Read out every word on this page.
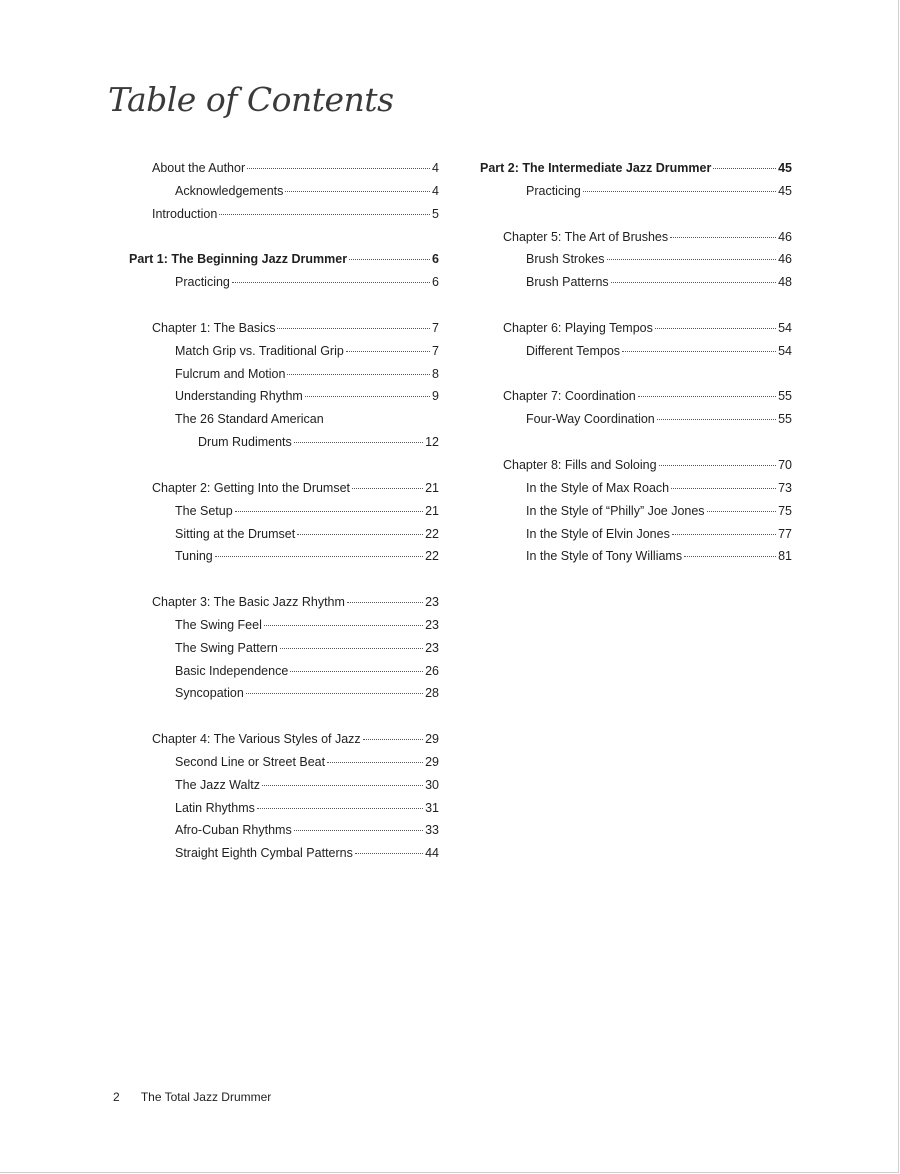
Table of Contents
About the Author	4
Acknowledgements	4
Introduction	5
Part 1: The Beginning Jazz Drummer	6
Practicing	6
Chapter 1: The Basics	7
Match Grip vs. Traditional Grip	7
Fulcrum and Motion	8
Understanding Rhythm	9
The 26 Standard American
Drum Rudiments	12
Chapter 2: Getting Into the Drumset	21
The Setup	21
Sitting at the Drumset	22
Tuning	22
Chapter 3: The Basic Jazz Rhythm	23
The Swing Feel	23
The Swing Pattern	23
Basic Independence	26
Syncopation	28
Chapter 4: The Various Styles of Jazz	29
Second Line or Street Beat	29
The Jazz Waltz	30
Latin Rhythms	31
Afro-Cuban Rhythms	33
Straight Eighth Cymbal Patterns	44
Part 2: The Intermediate Jazz Drummer	45
Practicing	45
Chapter 5: The Art of Brushes	46
Brush Strokes	46
Brush Patterns	48
Chapter 6: Playing Tempos	54
Different Tempos	54
Chapter 7: Coordination	55
Four-Way Coordination	55
Chapter 8: Fills and Soloing	70
In the Style of Max Roach	73
In the Style of “Philly” Joe Jones	75
In the Style of Elvin Jones	77
In the Style of Tony Williams	81
2 The Total Jazz Drummer
